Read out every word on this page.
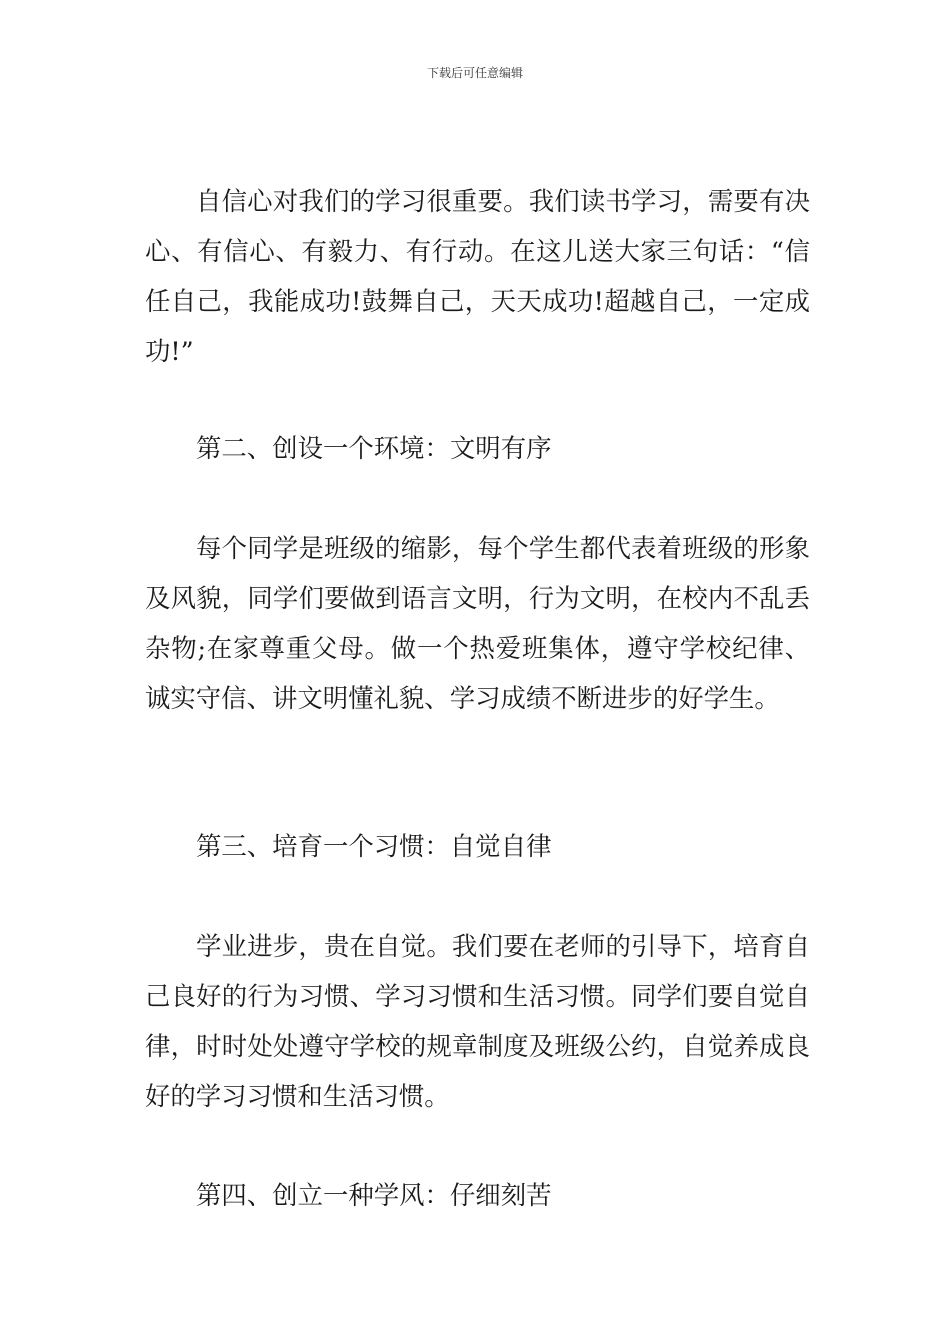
下载后可任意编辑

自信心对我们的学习很重要。我们读书学习，需要有决心、有信心、有毅力、有行动。在这儿送大家三句话：“信任自己，我能成功!鼓舞自己，天天成功!超越自己，一定成功!”

第二、创设一个环境：文明有序

每个同学是班级的缩影，每个学生都代表着班级的形象及风貌，同学们要做到语言文明，行为文明，在校内不乱丢杂物;在家尊重父母。做一个热爱班集体，遵守学校纪律、诚实守信、讲文明懂礼貌、学习成绩不断进步的好学生。

第三、培育一个习惯：自觉自律

学业进步，贵在自觉。我们要在老师的引导下，培育自己良好的行为习惯、学习习惯和生活习惯。同学们要自觉自律，时时处处遵守学校的规章制度及班级公约，自觉养成良好的学习习惯和生活习惯。

第四、创立一种学风：仔细刻苦
